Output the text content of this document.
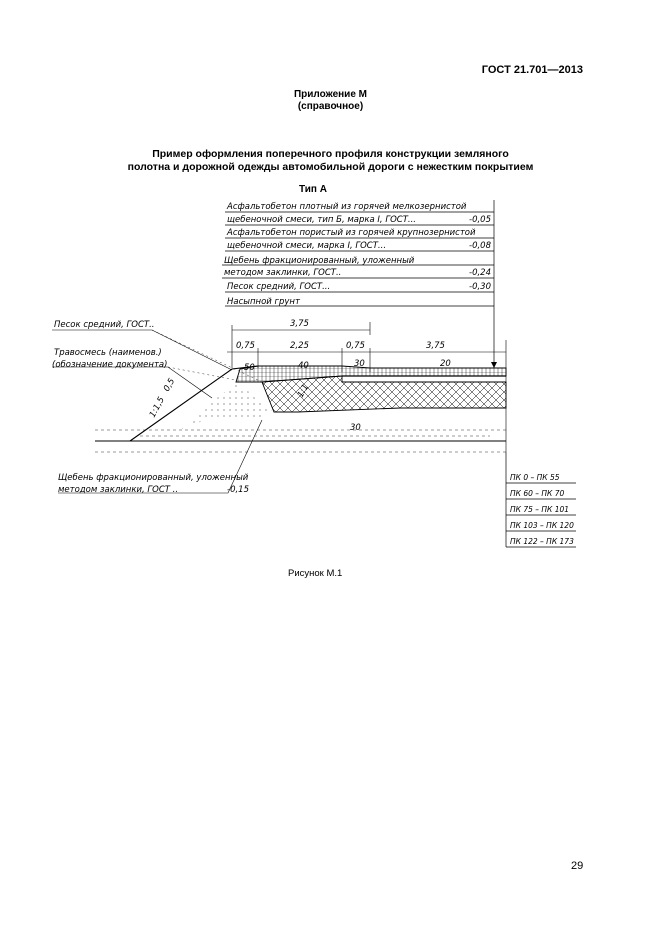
ГОСТ 21.701—2013
Приложение М
(справочное)
Пример оформления поперечного профиля конструкции земляного
полотна и дорожной одежды автомобильной дороги с нежестким покрытием
Тип А
Асфальтобетон плотный из горячей мелкозернистой
щебеночной смеси, тип Б, марка I, ГОСТ...	-0,05
Асфальтобетон пористый из горячей крупнозернистой
щебеночной смеси, марка I, ГОСТ...	-0,08
Щебень фракционированный, уложенный
методом заклинки, ГОСТ..	-0,24
Песок средний, ГОСТ...	-0,30
Насыпной грунт
3,75
0,75	2,25	0,75	3,75
50	40	30	20
0,5
1:1,5
1:1
30
Песок средний, ГОСТ..
Травосмесь (наименов.)
(обозначение документа)
Щебень фракционированный, уложенный
методом заклинки, ГОСТ ..	-0,15
ПК 0 – ПК 55
ПК 60 – ПК 70
ПК 75 – ПК 101
ПК 103 – ПК 120
ПК 122 – ПК 173
Рисунок М.1
29
